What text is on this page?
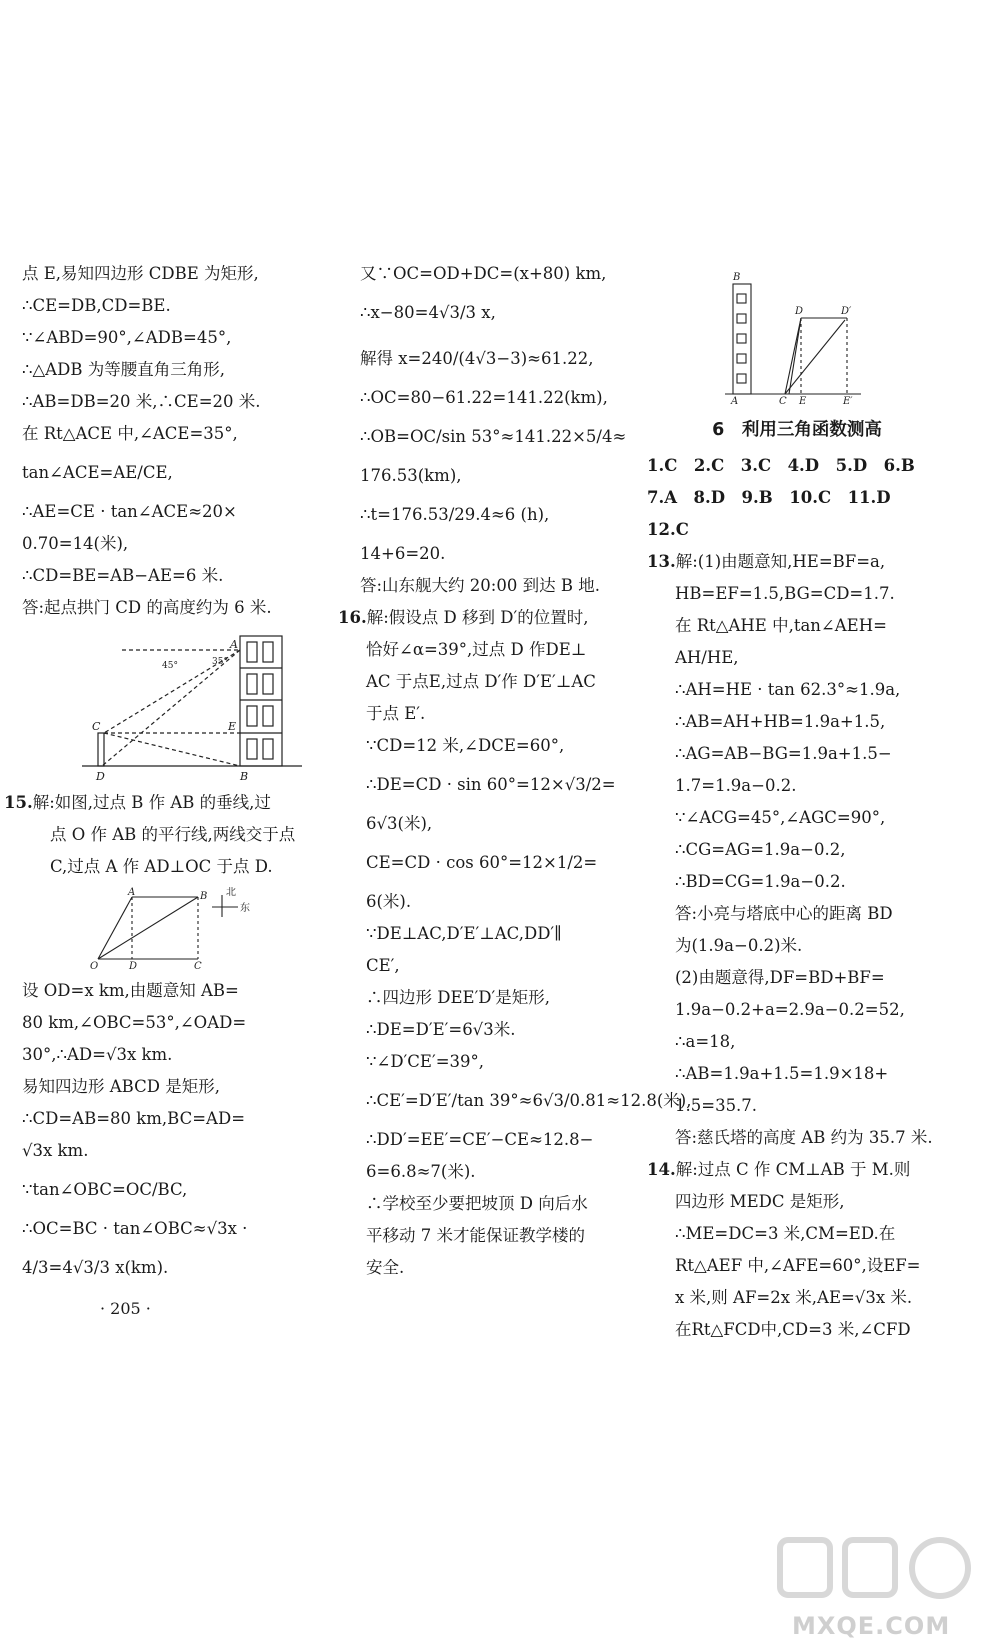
点 E,易知四边形 CDBE 为矩形,
∴CE=DB,CD=BE.
∵∠ABD=90°,∠ADB=45°,
∴△ADB 为等腰直角三角形,
∴AB=DB=20 米,∴CE=20 米.
在 Rt△ACE 中,∠ACE=35°,
tan∠ACE=AE/CE,
∴AE=CE · tan∠ACE≈20×
0.70=14(米),
∴CD=BE=AB−AE=6 米.
答:起点拱门 CD 的高度约为 6 米.
A
35°
45°
C	E
D	B
15.解:如图,过点 B 作 AB 的垂线,过
点 O 作 AB 的平行线,两线交于点
C,过点 A 作 AD⊥OC 于点 D.
A	B 北
东
O	D	C
设 OD=x km,由题意知 AB=
80 km,∠OBC=53°,∠OAD=
30°,∴AD=√3x km.
易知四边形 ABCD 是矩形,
∴CD=AB=80 km,BC=AD=
√3x km.
∵tan∠OBC=OC/BC,
∴OC=BC · tan∠OBC≈√3x ·
4/3=4√3/3 x(km).
又∵OC=OD+DC=(x+80) km,
∴x−80=4√3/3 x,
解得 x=240/(4√3−3)≈61.22,
∴OC=80−61.22=141.22(km),
∴OB=OC/sin 53°≈141.22×5/4≈
176.53(km),
∴t=176.53/29.4≈6 (h),
14+6=20.
答:山东舰大约 20:00 到达 B 地.
16.解:假设点 D 移到 D′的位置时,
恰好∠α=39°,过点 D 作DE⊥
AC 于点E,过点 D′作 D′E′⊥AC
于点 E′.
∵CD=12 米,∠DCE=60°,
∴DE=CD · sin 60°=12×√3/2=
6√3(米),
CE=CD · cos 60°=12×1/2=
6(米).
∵DE⊥AC,D′E′⊥AC,DD′∥
CE′,
∴四边形 DEE′D′是矩形,
∴DE=D′E′=6√3米.
∵∠D′CE′=39°,
∴CE′=D′E′/tan 39°≈6√3/0.81≈12.8(米),
∴DD′=EE′=CE′−CE≈12.8−
6=6.8≈7(米).
∴学校至少要把坡顶 D 向后水
平移动 7 米才能保证教学楼的
安全.
B
D	D′
A	C E	E′
6　利用三角函数测高
1.C　2.C　3.C　4.D　5.D　6.B
7.A　8.D　9.B　10.C　11.D
12.C
13.解:(1)由题意知,HE=BF=a,
HB=EF=1.5,BG=CD=1.7.
在 Rt△AHE 中,tan∠AEH=
AH/HE,
∴AH=HE · tan 62.3°≈1.9a,
∴AB=AH+HB=1.9a+1.5,
∴AG=AB−BG=1.9a+1.5−
1.7=1.9a−0.2.
∵∠ACG=45°,∠AGC=90°,
∴CG=AG=1.9a−0.2,
∴BD=CG=1.9a−0.2.
答:小亮与塔底中心的距离 BD
为(1.9a−0.2)米.
(2)由题意得,DF=BD+BF=
1.9a−0.2+a=2.9a−0.2=52,
∴a=18,
∴AB=1.9a+1.5=1.9×18+
1.5=35.7.
答:慈氏塔的高度 AB 约为 35.7 米.
14.解:过点 C 作 CM⊥AB 于 M.则
四边形 MEDC 是矩形,
∴ME=DC=3 米,CM=ED.在
Rt△AEF 中,∠AFE=60°,设EF=
x 米,则 AF=2x 米,AE=√3x 米.
在Rt△FCD中,CD=3 米,∠CFD
· 205 ·
MXQE.COM
